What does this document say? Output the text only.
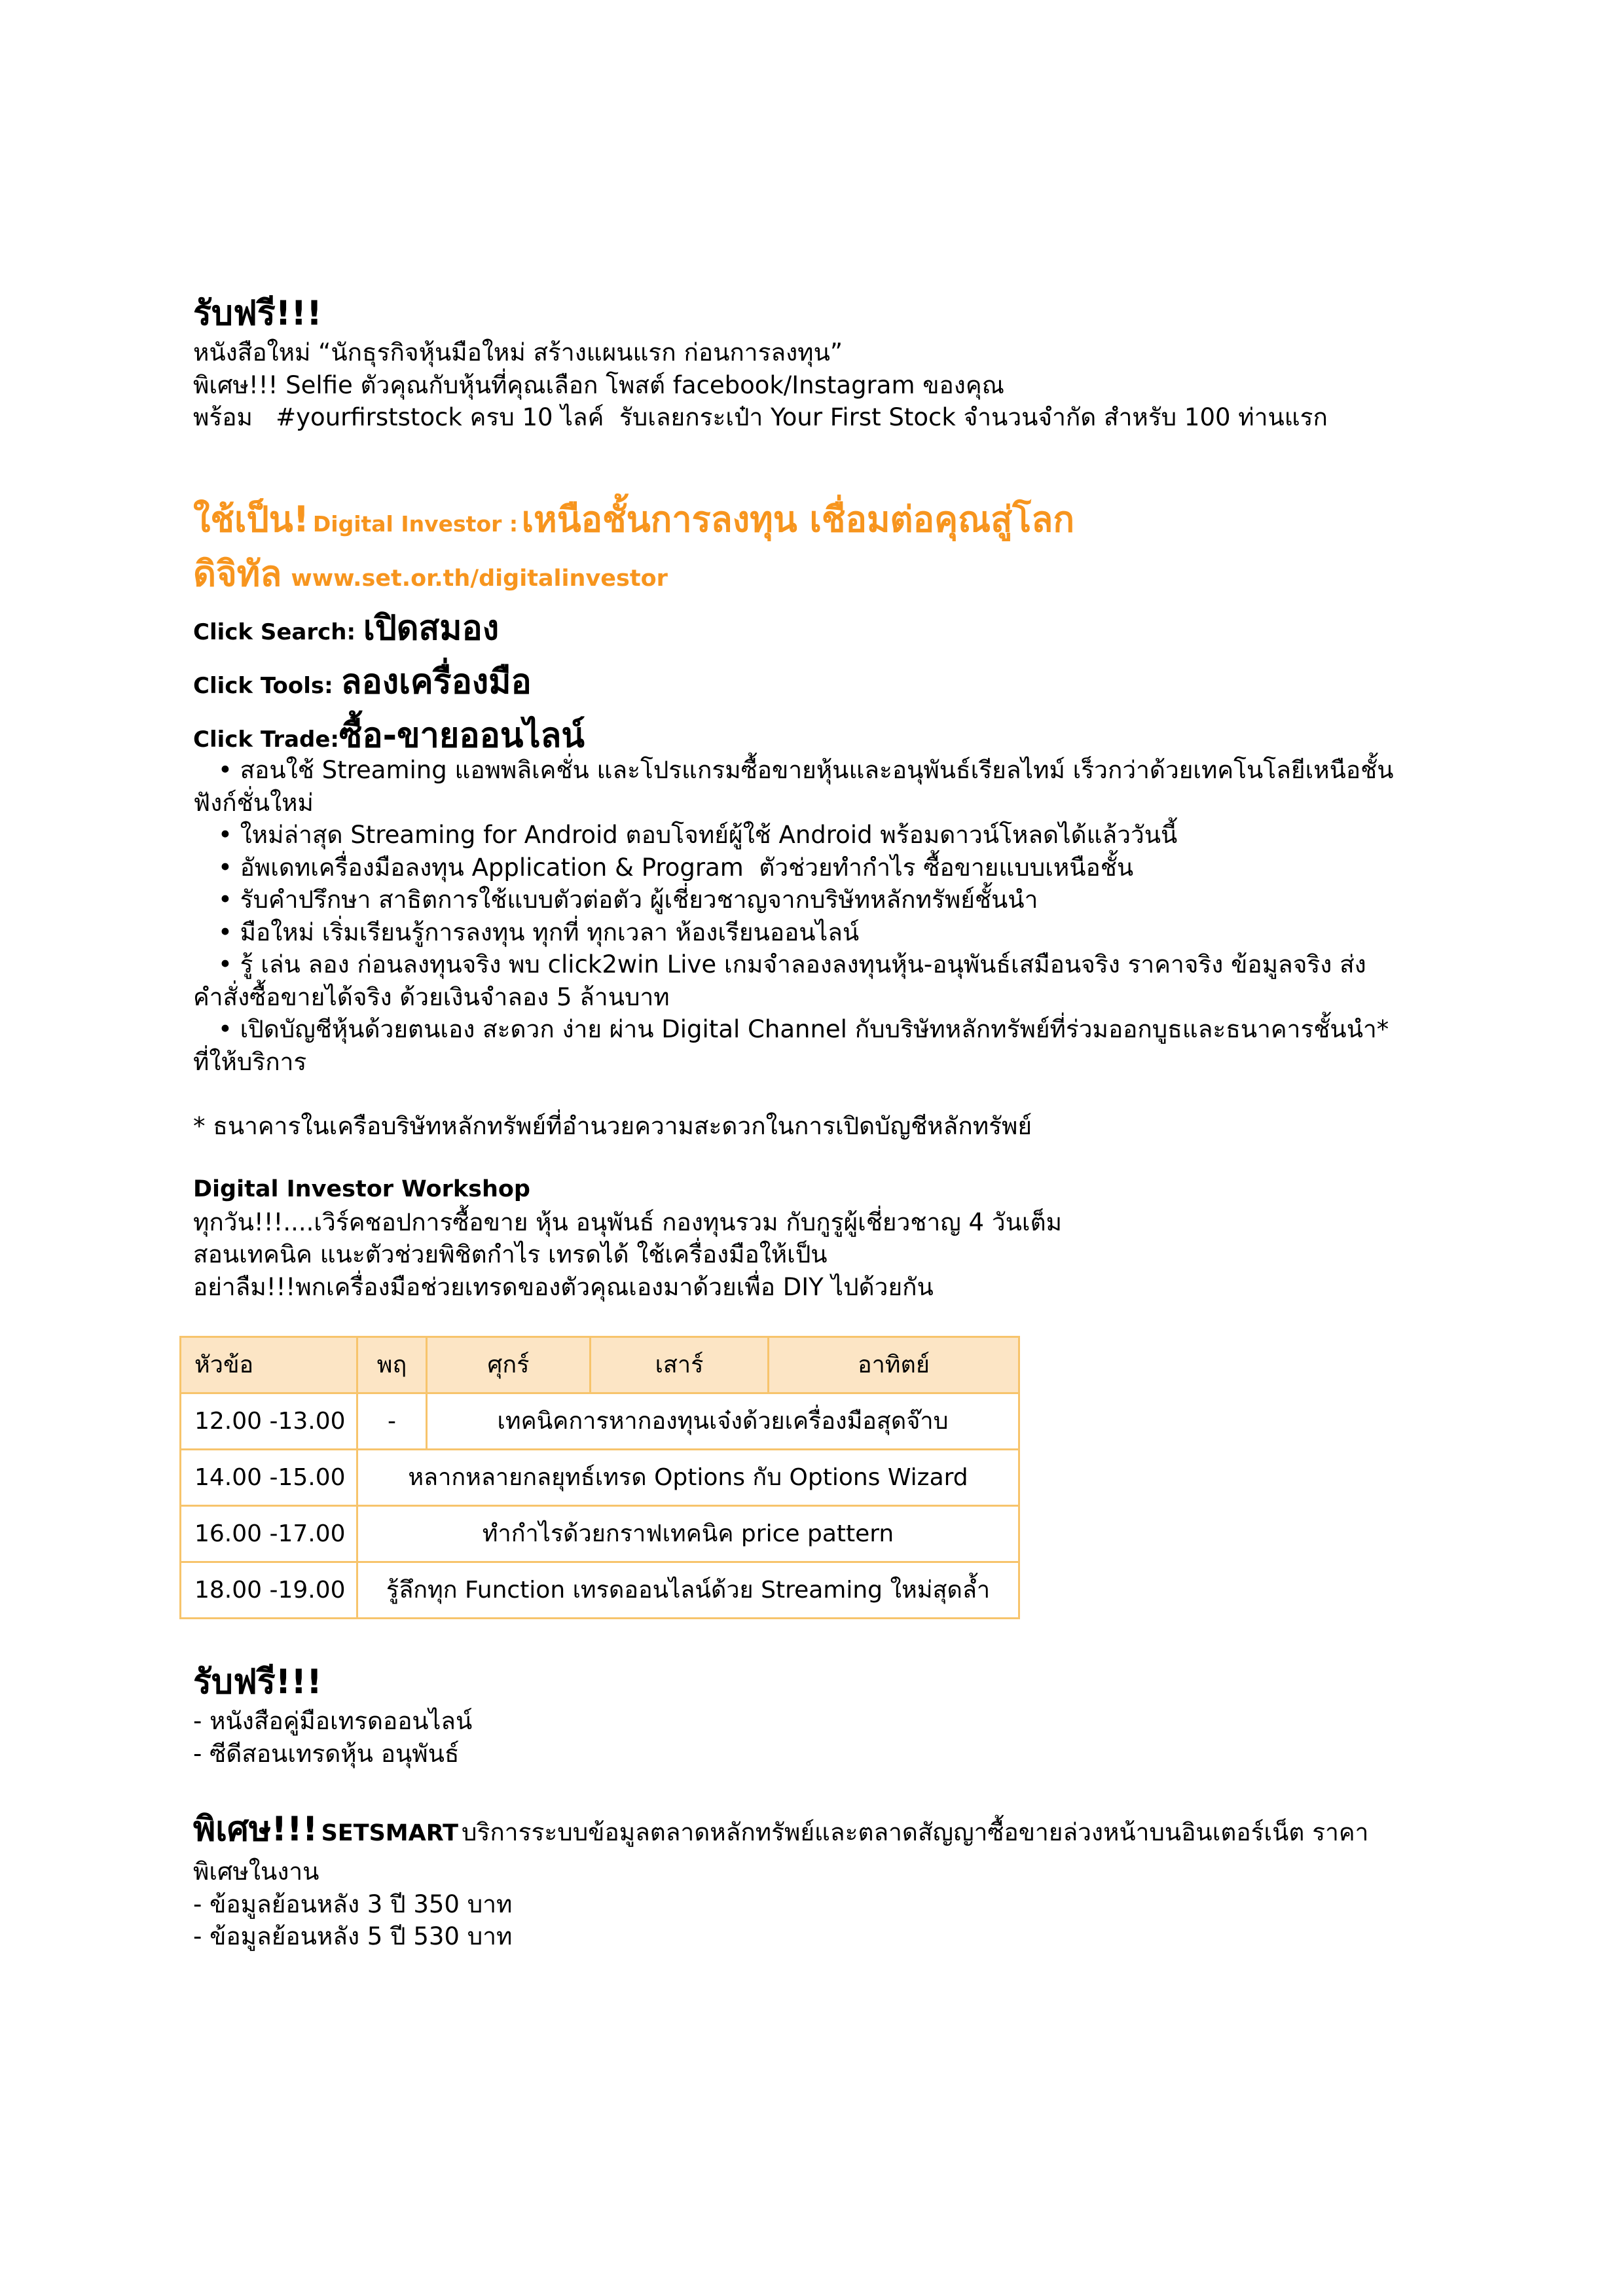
รับฟรี!!!
หนังสือใหม่ “นักธุรกิจหุ้นมือใหม่ สร้างแผนแรก ก่อนการลงทุน”
พิเศษ!!! Selfie ตัวคุณกับหุ้นที่คุณเลือก โพสต์ facebook/Instagram ของคุณ
พร้อม   #yourfirststock ครบ 10 ไลค์  รับเลยกระเป๋า Your First Stock จำนวนจำกัด สำหรับ 100 ท่านแรก
ใช้เป็น! Digital Investor : เหนือชั้นการลงทุน เชื่อมต่อคุณสู่โลก
ดิจิทัล www.set.or.th/digitalinvestor
Click Search: เปิดสมอง
Click Tools: ลองเครื่องมือ
Click Trade:ซื้อ-ขายออนไลน์
• สอนใช้ Streaming แอพพลิเคชั่น และโปรแกรมซื้อขายหุ้นและอนุพันธ์เรียลไทม์ เร็วกว่าด้วยเทคโนโลยีเหนือชั้น
ฟังก์ชั่นใหม่
• ใหม่ล่าสุด Streaming for Android ตอบโจทย์ผู้ใช้ Android พร้อมดาวน์โหลดได้แล้ววันนี้
• อัพเดทเครื่องมือลงทุน Application & Program  ตัวช่วยทำกำไร ซื้อขายแบบเหนือชั้น
• รับคำปรึกษา สาธิตการใช้แบบตัวต่อตัว ผู้เชี่ยวชาญจากบริษัทหลักทรัพย์ชั้นนำ
• มือใหม่ เริ่มเรียนรู้การลงทุน ทุกที่ ทุกเวลา ห้องเรียนออนไลน์
• รู้ เล่น ลอง ก่อนลงทุนจริง พบ click2win Live เกมจำลองลงทุนหุ้น-อนุพันธ์เสมือนจริง ราคาจริง ข้อมูลจริง ส่ง
คำสั่งซื้อขายได้จริง ด้วยเงินจำลอง 5 ล้านบาท
• เปิดบัญชีหุ้นด้วยตนเอง สะดวก ง่าย ผ่าน Digital Channel กับบริษัทหลักทรัพย์ที่ร่วมออกบูธและธนาคารชั้นนำ*
ที่ให้บริการ
* ธนาคารในเครือบริษัทหลักทรัพย์ที่อำนวยความสะดวกในการเปิดบัญชีหลักทรัพย์
Digital Investor Workshop
ทุกวัน!!!....เวิร์คชอปการซื้อขาย หุ้น อนุพันธ์ กองทุนรวม กับกูรูผู้เชี่ยวชาญ 4 วันเต็ม
สอนเทคนิค แนะตัวช่วยพิชิตกำไร เทรดได้ ใช้เครื่องมือให้เป็น
อย่าลืม!!!พกเครื่องมือช่วยเทรดของตัวคุณเองมาด้วยเพื่อ DIY ไปด้วยกัน
หัวข้อ	พฤ	ศุกร์	เสาร์	อาทิตย์
12.00 -13.00	-	เทคนิคการหากองทุนเจ๋งด้วยเครื่องมือสุดจ๊าบ		
14.00 -15.00	หลากหลายกลยุทธ์เทรด Options กับ Options Wizard			
16.00 -17.00	ทำกำไรด้วยกราฟเทคนิค price pattern			
18.00 -19.00	รู้ลึกทุก Function เทรดออนไลน์ด้วย Streaming ใหม่สุดล้ำ			
รับฟรี!!!
- หนังสือคู่มือเทรดออนไลน์
- ซีดีสอนเทรดหุ้น อนุพันธ์
พิเศษ!!! SETSMART บริการระบบข้อมูลตลาดหลักทรัพย์และตลาดสัญญาซื้อขายล่วงหน้าบนอินเตอร์เน็ต ราคา
พิเศษในงาน
- ข้อมูลย้อนหลัง 3 ปี 350 บาท
- ข้อมูลย้อนหลัง 5 ปี 530 บาท
